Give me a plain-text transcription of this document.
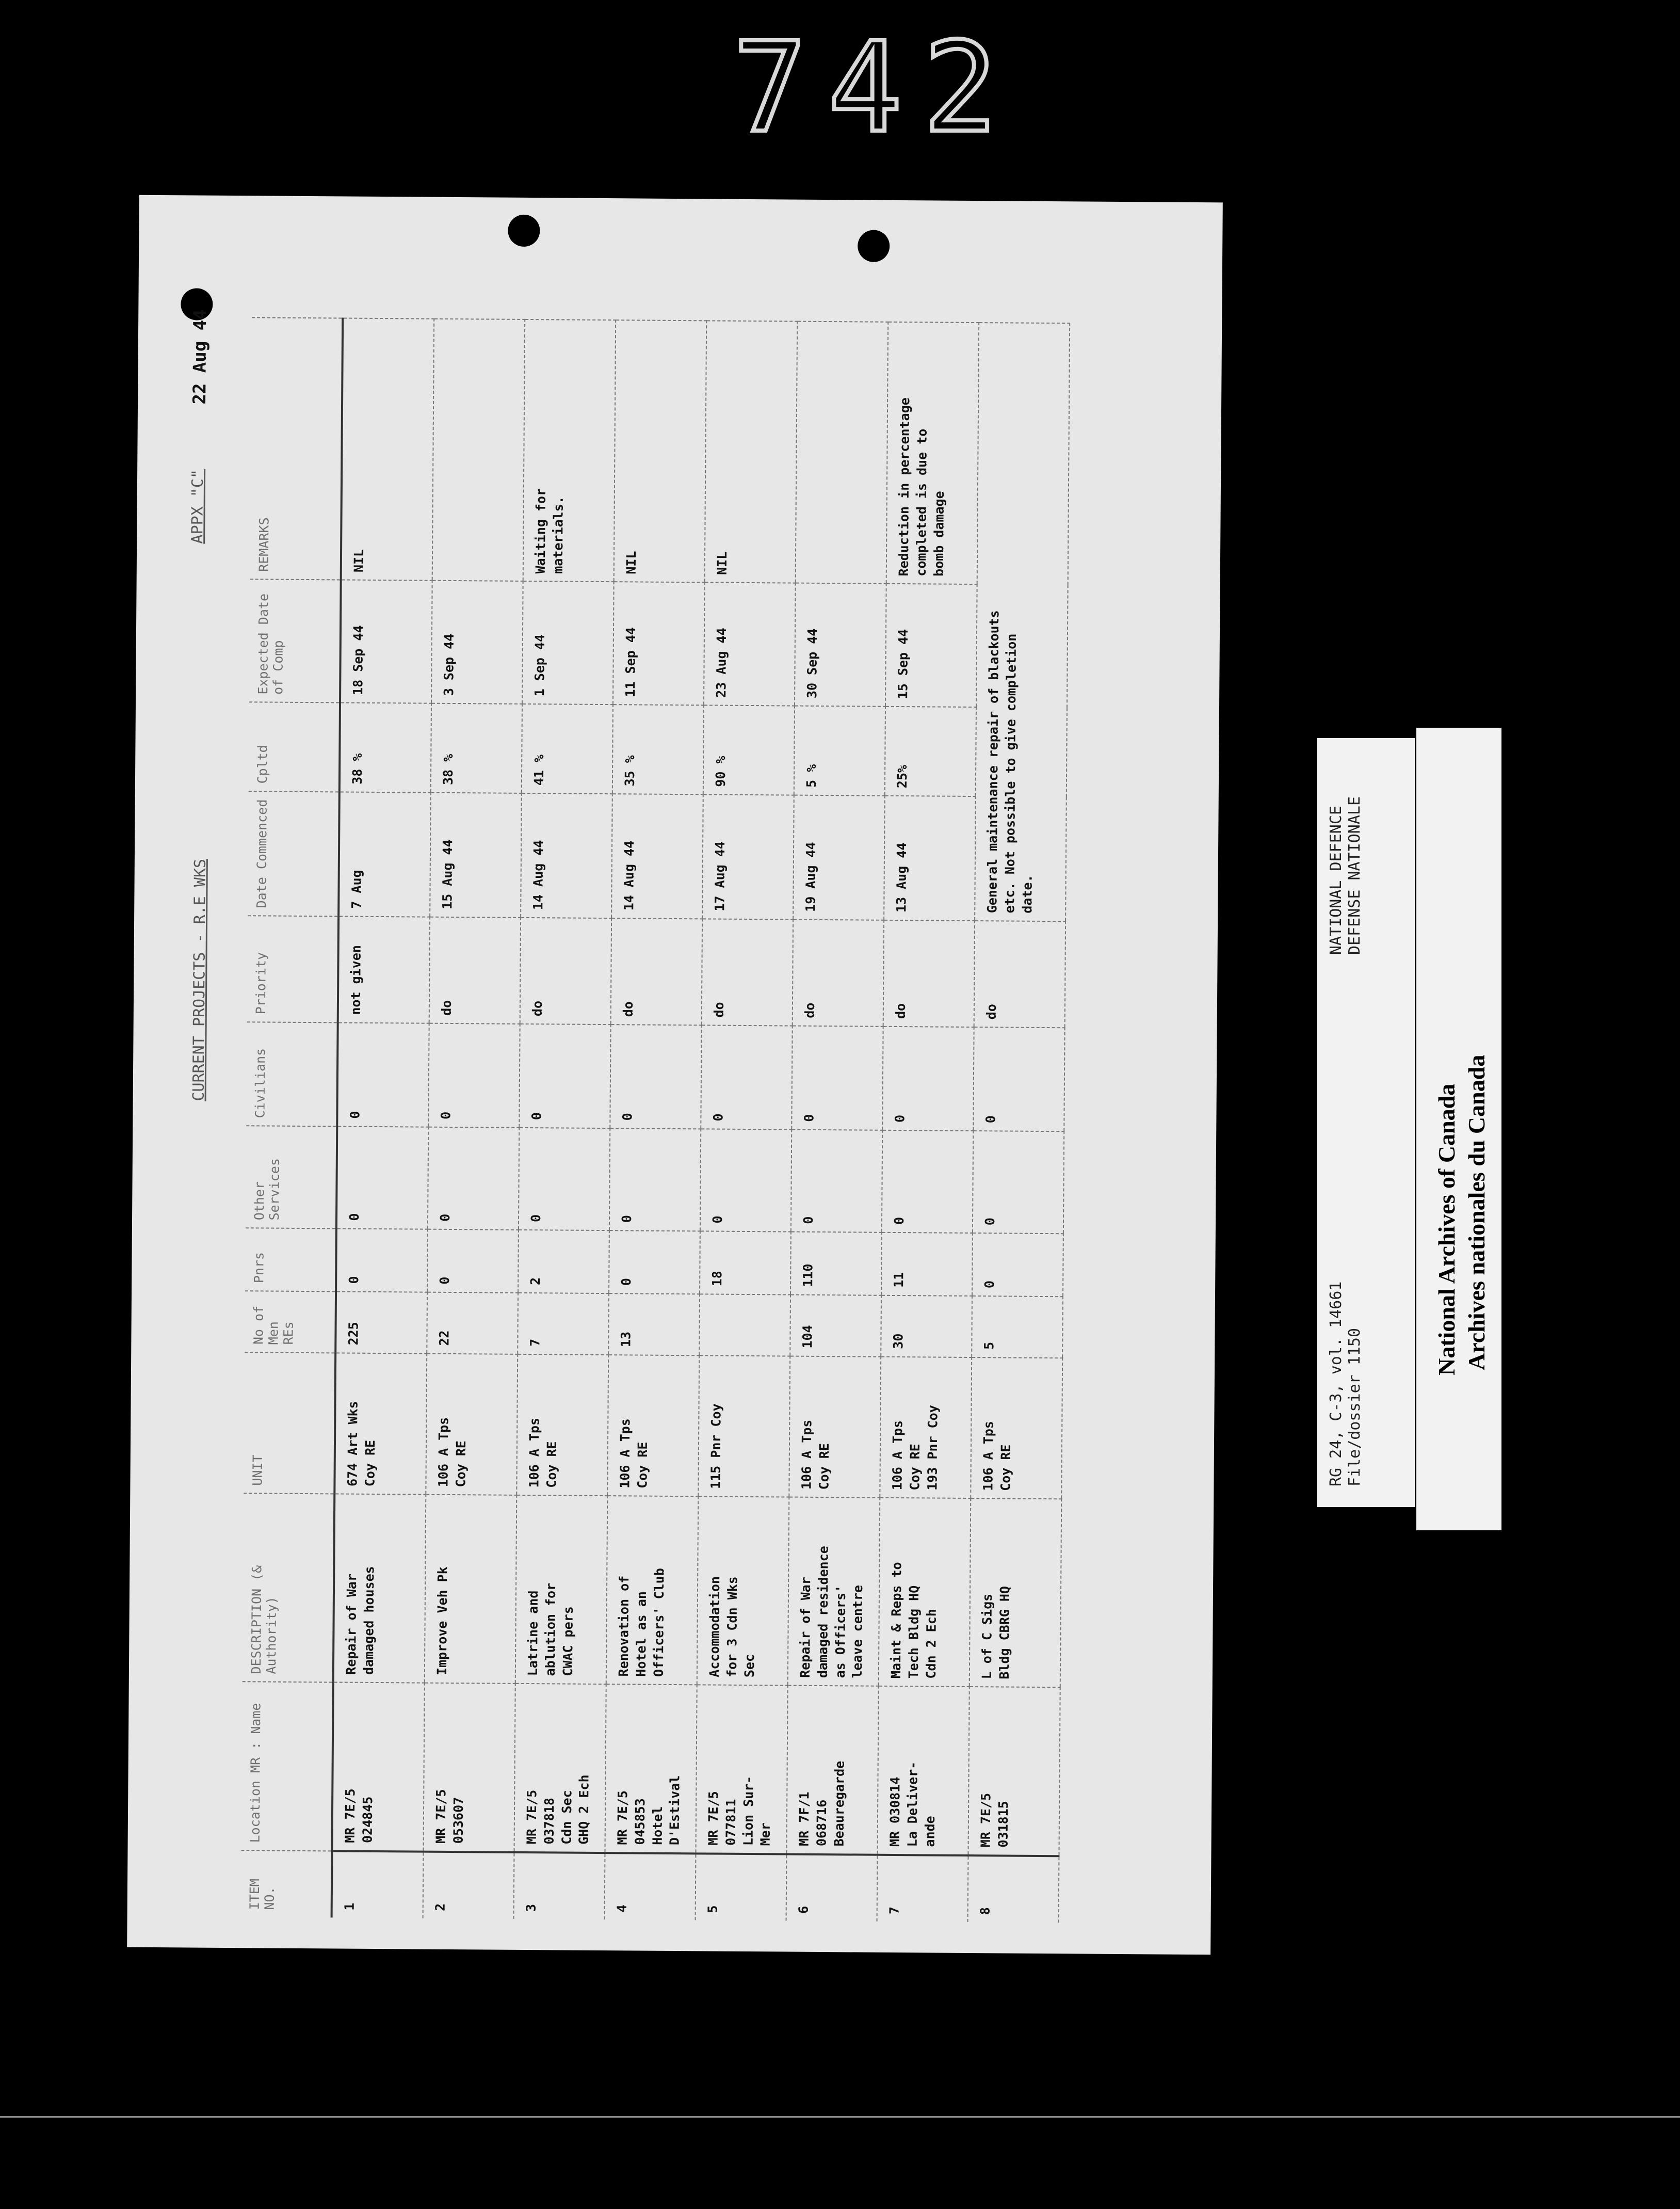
742
CURRENT PROJECTS - R.E WKS
APPX "C"
22 Aug 44
ITEM NO.	Location MR : Name	DESCRIPTION (& Authority)	UNIT	No of Men REs	Pnrs	Other Services	Civilians	Priority	Date Commenced	Cpltd	Expected Date of Comp	REMARKS
1	MR 7E/5
024845	Repair of War
damaged houses	674 Art Wks
Coy RE	225	0	0	0	not given	7 Aug	38 %	18 Sep 44	NIL
2	MR 7E/5
053607	Improve Veh Pk	106 A Tps
Coy RE	22	0	0	0	do	15 Aug 44	38 %	3 Sep 44	
3	MR 7E/5
037818
Cdn Sec
GHQ 2 Ech	Latrine and
ablution for
CWAC pers	106 A Tps
Coy RE	7	2	0	0	do	14 Aug 44	41 %	1 Sep 44	Waiting for
materials.
4	MR 7E/5
045853
Hotel
D'Estival	Renovation of
Hotel as an
Officers' Club	106 A Tps
Coy RE	13	0	0	0	do	14 Aug 44	35 %	11 Sep 44	NIL
5	MR 7E/5
077811
Lion Sur-
Mer	Accommodation
for 3 Cdn Wks
Sec	115 Pnr Coy		18	0	0	do	17 Aug 44	90 %	23 Aug 44	NIL
6	MR 7F/1
068716
Beauregarde	Repair of War
damaged residence
as Officers'
leave centre	106 A Tps
Coy RE	104	110	0	0	do	19 Aug 44	5 %	30 Sep 44	
7	MR 030814
La Deliver-
ande	Maint & Reps to
Tech Bldg HQ
Cdn 2 Ech	106 A Tps
Coy RE
193 Pnr Coy	30	11	0	0	do	13 Aug 44	25%	15 Sep 44	Reduction in percentage
completed is due to
bomb damage
8	MR 7E/5
031815	L of C Sigs
Bldg CBRG HQ	106 A Tps
Coy RE	5	0	0	0	do	General maintenance repair of blackouts
etc. Not possible to give completion
date.				NATIONAL DEFENCE DEFENSE NATIONALE
RG 24, C-3, vol. 14661 File/dossier 1150
National Archives of Canada Archives nationales du Canada
